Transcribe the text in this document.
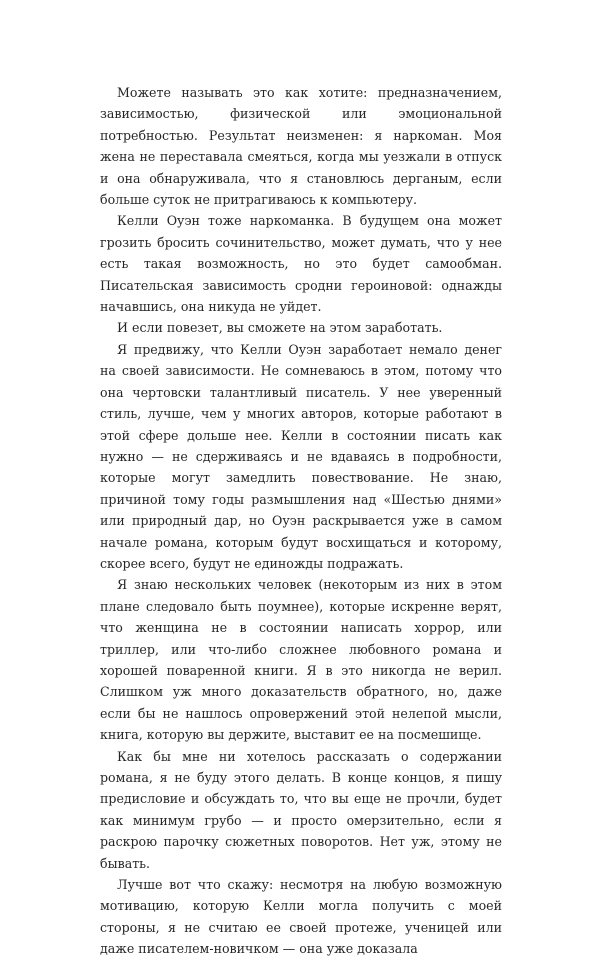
Можете называть это как хотите: предназначением, зависимостью, физической или эмоциональной потребностью. Результат неизменен: я наркоман. Моя жена не переставала смеяться, когда мы уезжали в отпуск и она обнаруживала, что я становлюсь дерганым, если больше суток не притрагиваюсь к компьютеру.

Келли Оуэн тоже наркоманка. В будущем она может грозить бросить сочинительство, может думать, что у нее есть такая возможность, но это будет самообман. Писательская зависимость сродни героиновой: однажды начавшись, она никуда не уйдет.

И если повезет, вы сможете на этом заработать.

Я предвижу, что Келли Оуэн заработает немало денег на своей зависимости. Не сомневаюсь в этом, потому что она чертовски талантливый писатель. У нее уверенный стиль, лучше, чем у многих авторов, которые работают в этой сфере дольше нее. Келли в состоянии писать как нужно — не сдерживаясь и не вдаваясь в подробности, которые могут замедлить повествование. Не знаю, причиной тому годы размышления над «Шестью днями» или природный дар, но Оуэн раскрывается уже в самом начале романа, которым будут восхищаться и которому, скорее всего, будут не единожды подражать.

Я знаю нескольких человек (некоторым из них в этом плане следовало быть поумнее), которые искренне верят, что женщина не в состоянии написать хоррор, или триллер, или что-либо сложнее любовного романа и хорошей поваренной книги. Я в это никогда не верил. Слишком уж много доказательств обратного, но, даже если бы не нашлось опровержений этой нелепой мысли, книга, которую вы держите, выставит ее на посмешище.

Как бы мне ни хотелось рассказать о содержании романа, я не буду этого делать. В конце концов, я пишу предисловие и обсуждать то, что вы еще не прочли, будет как минимум грубо — и просто омерзительно, если я раскрою парочку сюжетных поворотов. Нет уж, этому не бывать.

Лучше вот что скажу: несмотря на любую возможную мотивацию, которую Келли могла получить с моей стороны, я не считаю ее своей протеже, ученицей или даже писателем-новичком — она уже доказала
